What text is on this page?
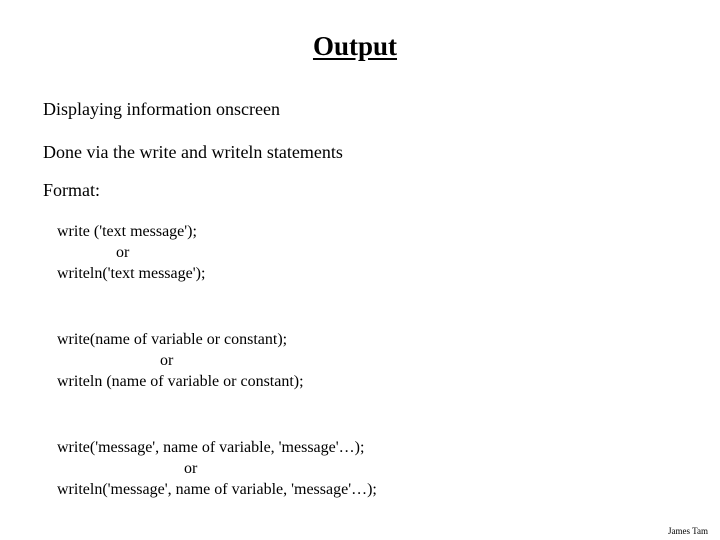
Output
Displaying information onscreen
Done via the write and writeln statements
Format:
write ('text message');
or
writeln('text message');
write(name of variable or constant);
or
writeln (name of variable or constant);
write('message', name of variable, 'message'…);
or
writeln('message', name of variable, 'message'…);
James Tam
